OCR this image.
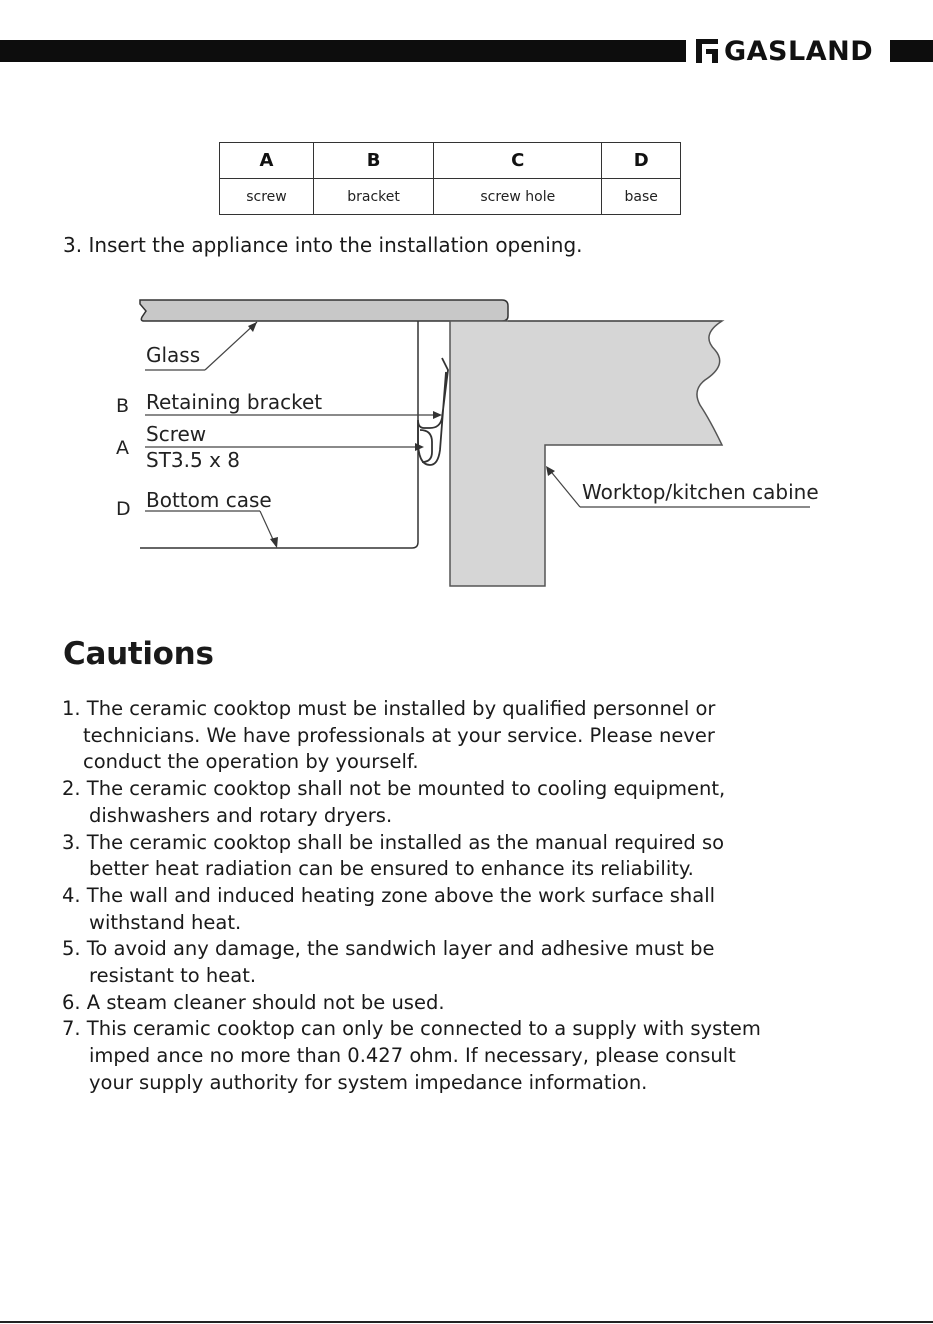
GASLAND
A	B	C	D
screw	bracket	screw hole	base
3. Insert the appliance into the installation opening.
Glass
Retaining bracket
Screw
ST3.5 x 8
Bottom case	Worktop/kitchen cabine
B
A
D
Cautions
1. The ceramic cooktop must be installed by qualified personnel or
technicians. We have professionals at your service. Please never
conduct the operation by yourself.
2. The ceramic cooktop shall not be mounted to cooling equipment,
dishwashers and rotary dryers.
3. The ceramic cooktop shall be installed as the manual required so
better heat radiation can be ensured to enhance its reliability.
4. The wall and induced heating zone above the work surface shall
withstand heat.
5. To avoid any damage, the sandwich layer and adhesive must be
resistant to heat.
6. A steam cleaner should not be used.
7. This ceramic cooktop can only be connected to a supply with system
imped ance no more than 0.427 ohm. If necessary, please consult
your supply authority for system impedance information.
